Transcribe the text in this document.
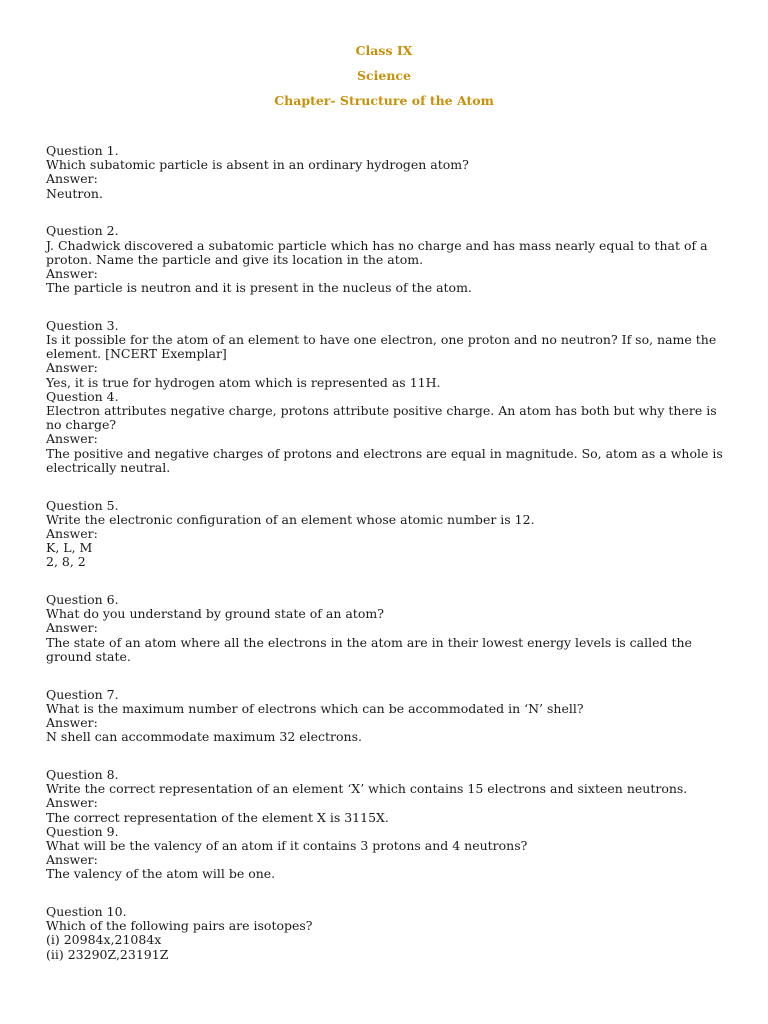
Class IX
Science
Chapter- Structure of the Atom
Question 1.
Which subatomic particle is absent in an ordinary hydrogen atom?
Answer:
Neutron.
Question 2.
J. Chadwick discovered a subatomic particle which has no charge and has mass nearly equal to that of a proton. Name the particle and give its location in the atom.
Answer:
The particle is neutron and it is present in the nucleus of the atom.
Question 3.
Is it possible for the atom of an element to have one electron, one proton and no neutron? If so, name the element. [NCERT Exemplar]
Answer:
Yes, it is true for hydrogen atom which is represented as 11H.
Question 4.
Electron attributes negative charge, protons attribute positive charge. An atom has both but why there is no charge?
Answer:
The positive and negative charges of protons and electrons are equal in magnitude. So, atom as a whole is electrically neutral.
Question 5.
Write the electronic configuration of an element whose atomic number is 12.
Answer:
K, L, M
2, 8, 2
Question 6.
What do you understand by ground state of an atom?
Answer:
The state of an atom where all the electrons in the atom are in their lowest energy levels is called the ground state.
Question 7.
What is the maximum number of electrons which can be accommodated in ‘N’ shell?
Answer:
N shell can accommodate maximum 32 electrons.
Question 8.
Write the correct representation of an element ‘X’ which contains 15 electrons and sixteen neutrons.
Answer:
The correct representation of the element X is 3115X.
Question 9.
What will be the valency of an atom if it contains 3 protons and 4 neutrons?
Answer:
The valency of the atom will be one.
Question 10.
Which of the following pairs are isotopes?
(i) 20984x,21084x
(ii) 23290Z,23191Z
